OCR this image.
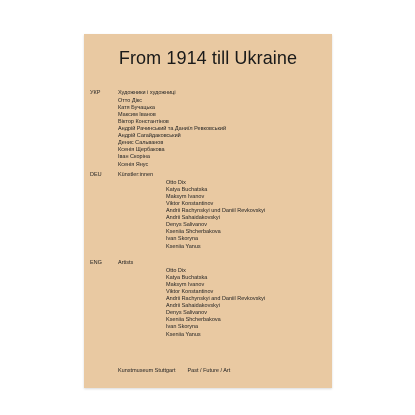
From 1914 till Ukraine
УКР	Художники і художниці
Отто Дікс
Катя Бучацька
Максим Іванов
Віктор Константінов
Андрій Рачинський та Даниїл Ревковський
Андрій Сагайдаковський
Денис Сальванов
Ксенія Щербакова
Іван Скоріна
Ксенія Янус
DEU	Künstler:innen
Otto Dix
Katya Buchatska
Maksym Ivanov
Viktor Konstantinov
Andrii Rachynskyi und Daniil Revkovskyi
Andrii Sahaidakovskyi
Denys Salivanov
Kseniia Shcherbakova
Ivan Skoryna
Kseniia Yanus
ENG	Artists
Otto Dix
Katya Buchatska
Maksym Ivanov
Viktor Konstantinov
Andrii Rachynskyi and Daniil Revkovskyi
Andrii Sahaidakovskyi
Denys Salivanov
Kseniia Shcherbakova
Ivan Skoryna
Kseniia Yanus
Kunstmuseum Stuttgart Past / Future / Art
